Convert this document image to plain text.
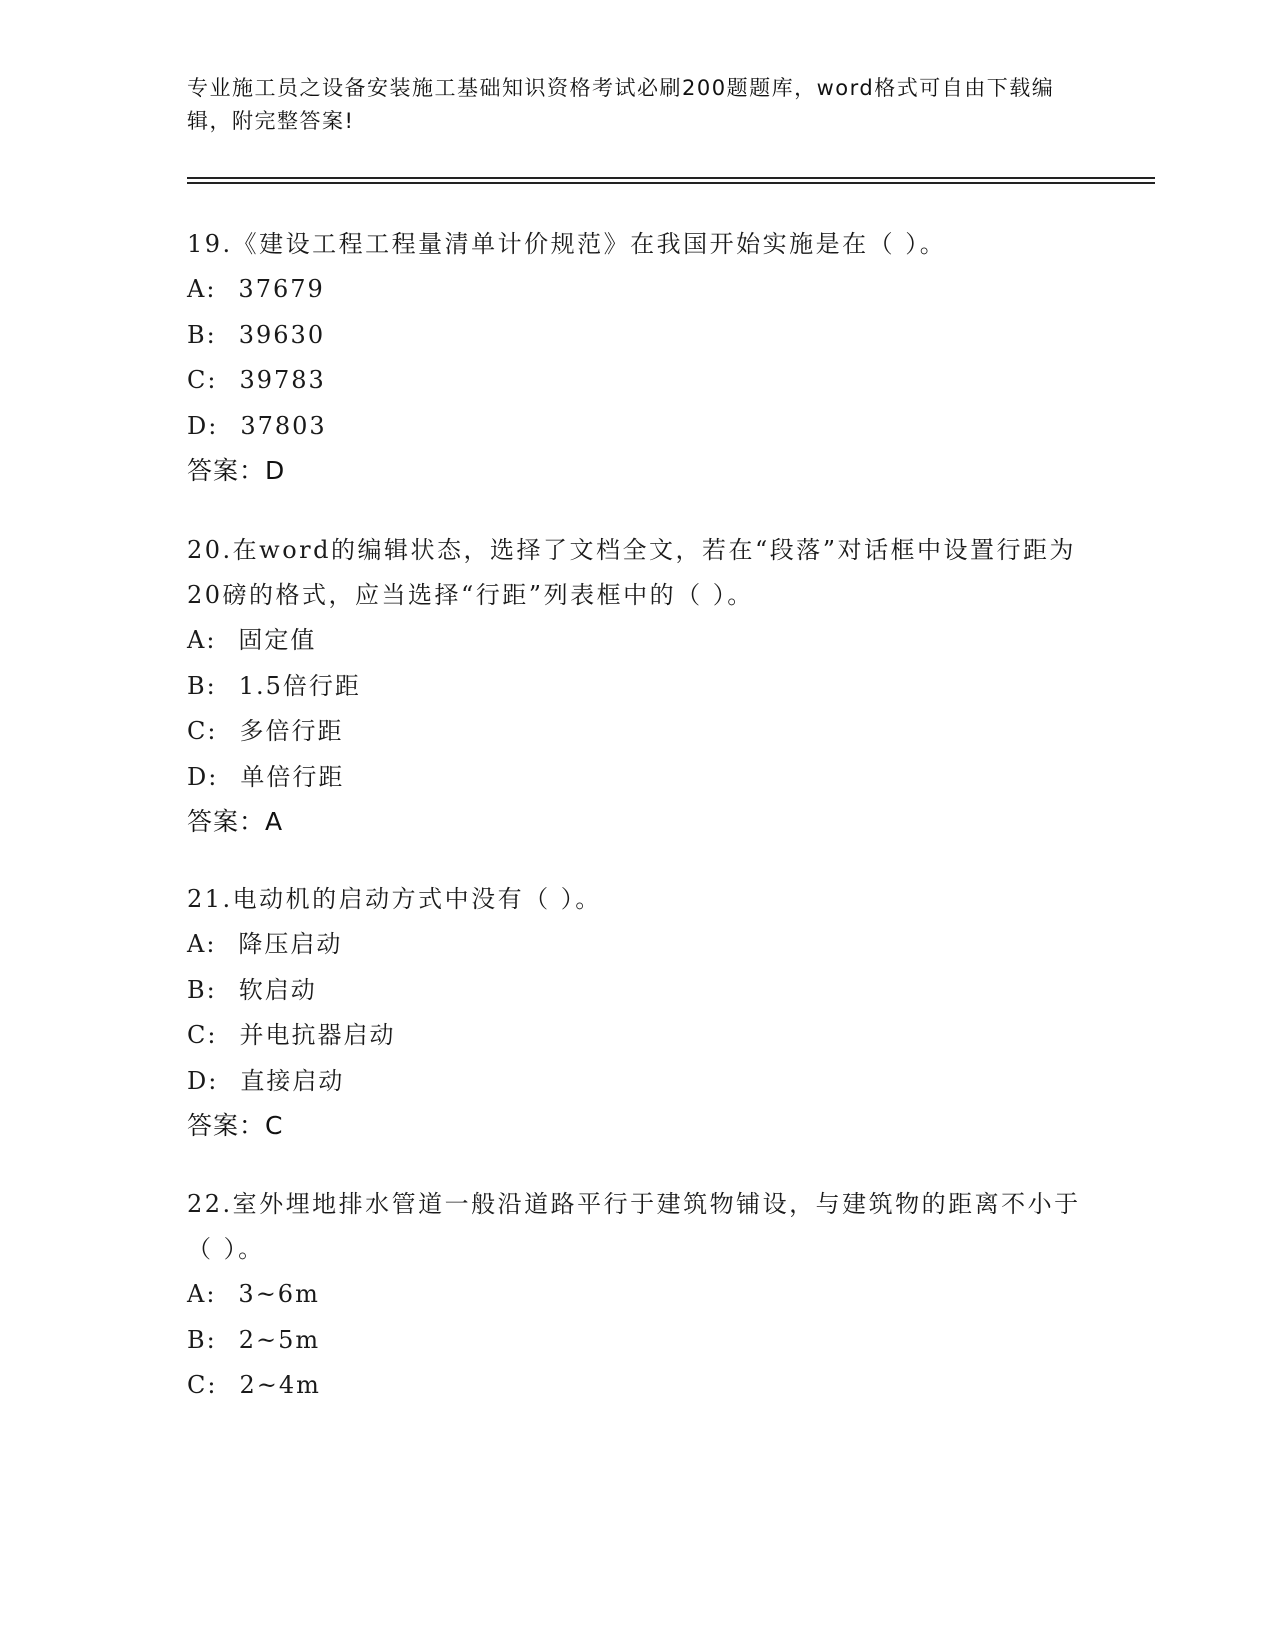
专业施工员之设备安装施工基础知识资格考试必刷200题题库，word格式可自由下载编辑，附完整答案!

19.《建设工程工程量清单计价规范》在我国开始实施是在（ ）。

A: 37679

B: 39630

C: 39783

D: 37803

答案：D

20.在word的编辑状态，选择了文档全文，若在“段落”对话框中设置行距为20磅的格式，应当选择“行距”列表框中的（ ）。

A: 固定值

B: 1.5倍行距

C: 多倍行距

D: 单倍行距

答案：A

21.电动机的启动方式中没有（ ）。

A: 降压启动

B: 软启动

C: 并电抗器启动

D: 直接启动

答案：C

22.室外埋地排水管道一般沿道路平行于建筑物铺设，与建筑物的距离不小于（ ）。

A: 3~6m

B: 2~5m

C: 2~4m
